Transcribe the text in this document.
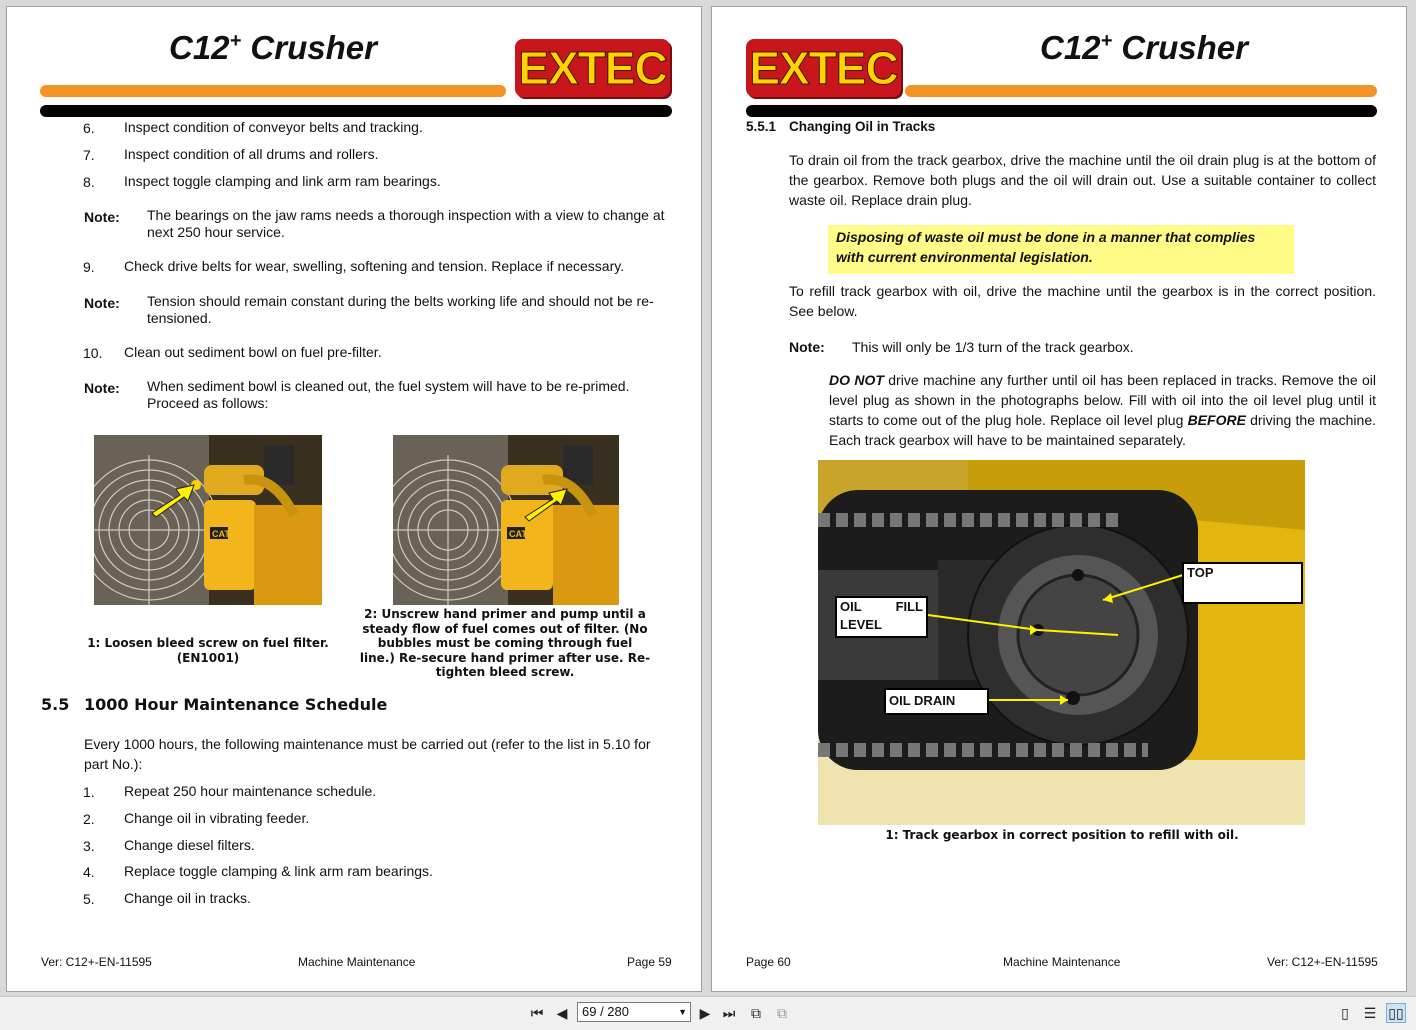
C12+ Crusher	EXTEC
6. Inspect condition of conveyor belts and tracking.
7. Inspect condition of all drums and rollers.
8. Inspect toggle clamping and link arm ram bearings.
Note: The bearings on the jaw rams needs a thorough inspection with a view to change at next 250 hour service.
9. Check drive belts for wear, swelling, softening and tension. Replace if necessary.
Note: Tension should remain constant during the belts working life and should not be re-tensioned.
10. Clean out sediment bowl on fuel pre-filter.
Note: When sediment bowl is cleaned out, the fuel system will have to be re-primed. Proceed as follows:
CAT	CAT
1: Loosen bleed screw on fuel filter. (EN1001)
2: Unscrew hand primer and pump until a steady flow of fuel comes out of filter. (No bubbles must be coming through fuel line.) Re-secure hand primer after use. Re-tighten bleed screw.
5.5 1000 Hour Maintenance Schedule
Every 1000 hours, the following maintenance must be carried out (refer to the list in 5.10 for part No.):
1. Repeat 250 hour maintenance schedule.
2. Change oil in vibrating feeder.
3. Change diesel filters.
4. Replace toggle clamping & link arm ram bearings.
5. Change oil in tracks.
Ver: C12+-EN-11595	Machine Maintenance	Page 59
EXTEC	C12+ Crusher
5.5.1 Changing Oil in Tracks
To drain oil from the track gearbox, drive the machine until the oil drain plug is at the bottom of the gearbox. Remove both plugs and the oil will drain out. Use a suitable container to collect waste oil. Replace drain plug.
Disposing of waste oil must be done in a manner that complies with current environmental legislation.
To refill track gearbox with oil, drive the machine until the gearbox is in the correct position. See below.
Note: This will only be 1/3 turn of the track gearbox.
DO NOT drive machine any further until oil has been replaced in tracks. Remove the oil level plug as shown in the photographs below. Fill with oil into the oil level plug until it starts to come out of the plug hole. Replace oil level plug BEFORE driving the machine. Each track gearbox will have to be maintained separately.
TOP
OIL	FILL

LEVEL
OIL DRAIN
1: Track gearbox in correct position to refill with oil.
Page 60	Machine Maintenance	Ver: C12+-EN-11595
⏮ ◀	69 / 280	▼ ▶ ⏭	⧉	⧉	▯	☰ ▯▯
